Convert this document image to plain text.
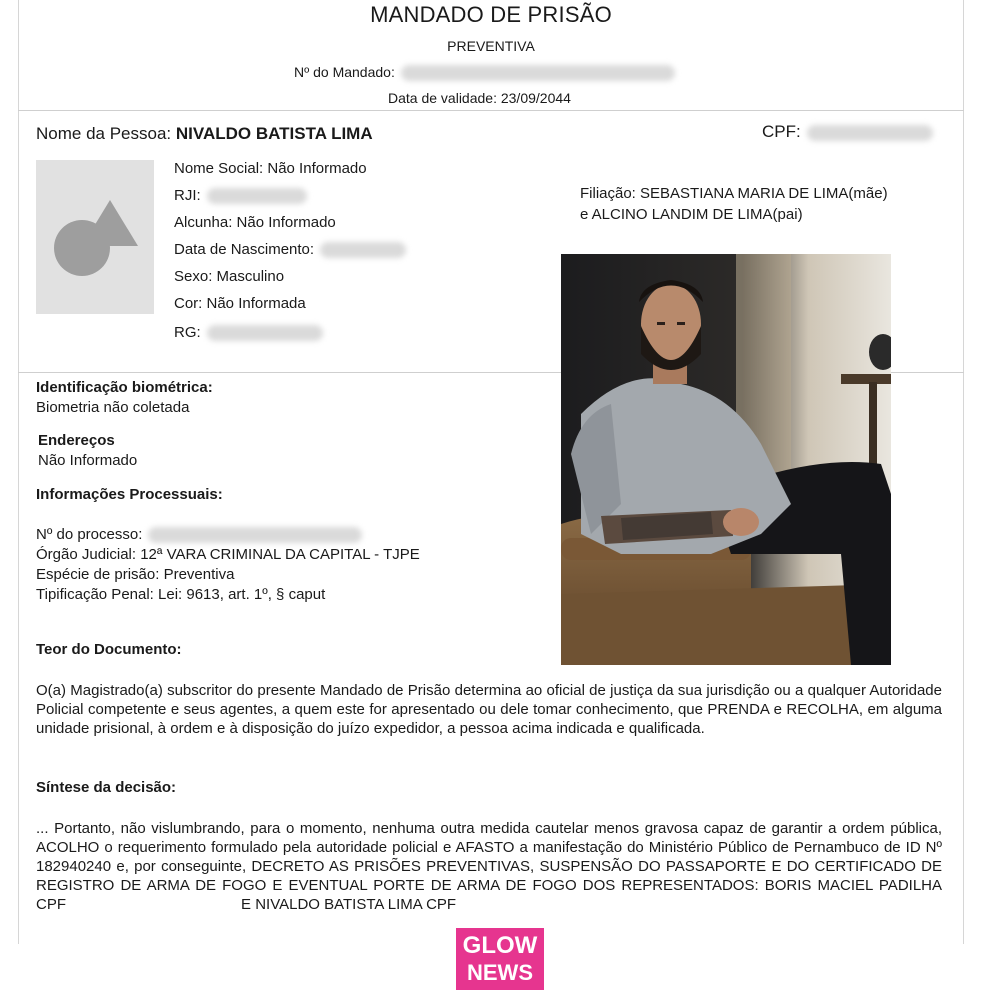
MANDADO DE PRISÃO
PREVENTIVA
Nº do Mandado:
Data de validade: 23/09/2044
Nome da Pessoa: NIVALDO BATISTA LIMA	CPF:
Nome Social: Não Informado
RJI:
Alcunha: Não Informado
Data de Nascimento:
Sexo: Masculino
Cor: Não Informada
RG:
Filiação: SEBASTIANA MARIA DE LIMA(mãe)
e ALCINO LANDIM DE LIMA(pai)
Identificação biométrica:
Biometria não coletada
Endereços
Não Informado
Informações Processuais:
Nº do processo:
Órgão Judicial: 12ª VARA CRIMINAL DA CAPITAL - TJPE
Espécie de prisão: Preventiva
Tipificação Penal: Lei: 9613, art. 1º, § caput
Teor do Documento:
O(a) Magistrado(a) subscritor do presente Mandado de Prisão determina ao oficial de justiça da sua jurisdição ou a qualquer Autoridade Policial competente e seus agentes, a quem este for apresentado ou dele tomar conhecimento, que PRENDA e RECOLHA, em alguma unidade prisional, à ordem e à disposição do juízo expedidor, a pessoa acima indicada e qualificada.
Síntese da decisão:
... Portanto, não vislumbrando, para o momento, nenhuma outra medida cautelar menos gravosa capaz de garantir a ordem pública, ACOLHO o requerimento formulado pela autoridade policial e AFASTO a manifestação do Ministério Público de Pernambuco de ID Nº 182940240 e, por conseguinte, DECRETO AS PRISÕES PREVENTIVAS, SUSPENSÃO DO PASSAPORTE E DO CERTIFICADO DE REGISTRO DE ARMA DE FOGO E EVENTUAL PORTE DE ARMA DE FOGO DOS REPRESENTADOS: BORIS MACIEL PADILHA CPF                                          E NIVALDO BATISTA LIMA CPF
GLOW
NEWS
